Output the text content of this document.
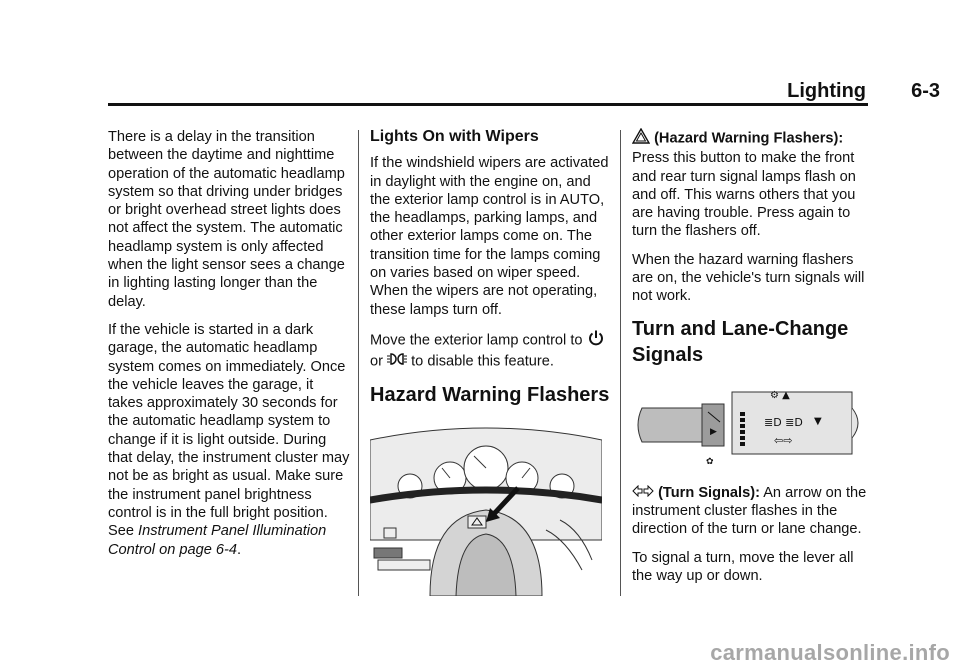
Lighting 6-3

There is a delay in the transition between the daytime and nighttime operation of the automatic headlamp system so that driving under bridges or bright overhead street lights does not affect the system. The automatic headlamp system is only affected when the light sensor sees a change in lighting lasting longer than the delay.

If the vehicle is started in a dark garage, the automatic headlamp system comes on immediately. Once the vehicle leaves the garage, it takes approximately 30 seconds for the automatic headlamp system to change if it is light outside. During that delay, the instrument cluster may not be as bright as usual. Make sure the instrument panel brightness control is in the full bright position. See Instrument Panel Illumination Control on page 6-4.

Lights On with Wipers

If the windshield wipers are activated in daylight with the engine on, and the exterior lamp control is in AUTO, the headlamps, parking lamps, and other exterior lamps come on. The transition time for the lamps coming on varies based on wiper speed. When the wipers are not operating, these lamps turn off.

Move the exterior lamp control to
or to disable this feature.

Hazard Warning Flashers

(Hazard Warning Flashers): Press this button to make the front and rear turn signal lamps flash on and off. This warns others that you are having trouble. Press again to turn the flashers off.

When the hazard warning flashers are on, the vehicle's turn signals will not work.

Turn and Lane-Change Signals
⚙ ▲
≣D ≣D ▼
⇦⇨
▶
✿

(Turn Signals): An arrow on the instrument cluster flashes in the direction of the turn or lane change.

To signal a turn, move the lever all the way up or down.

carmanualsonline.info
